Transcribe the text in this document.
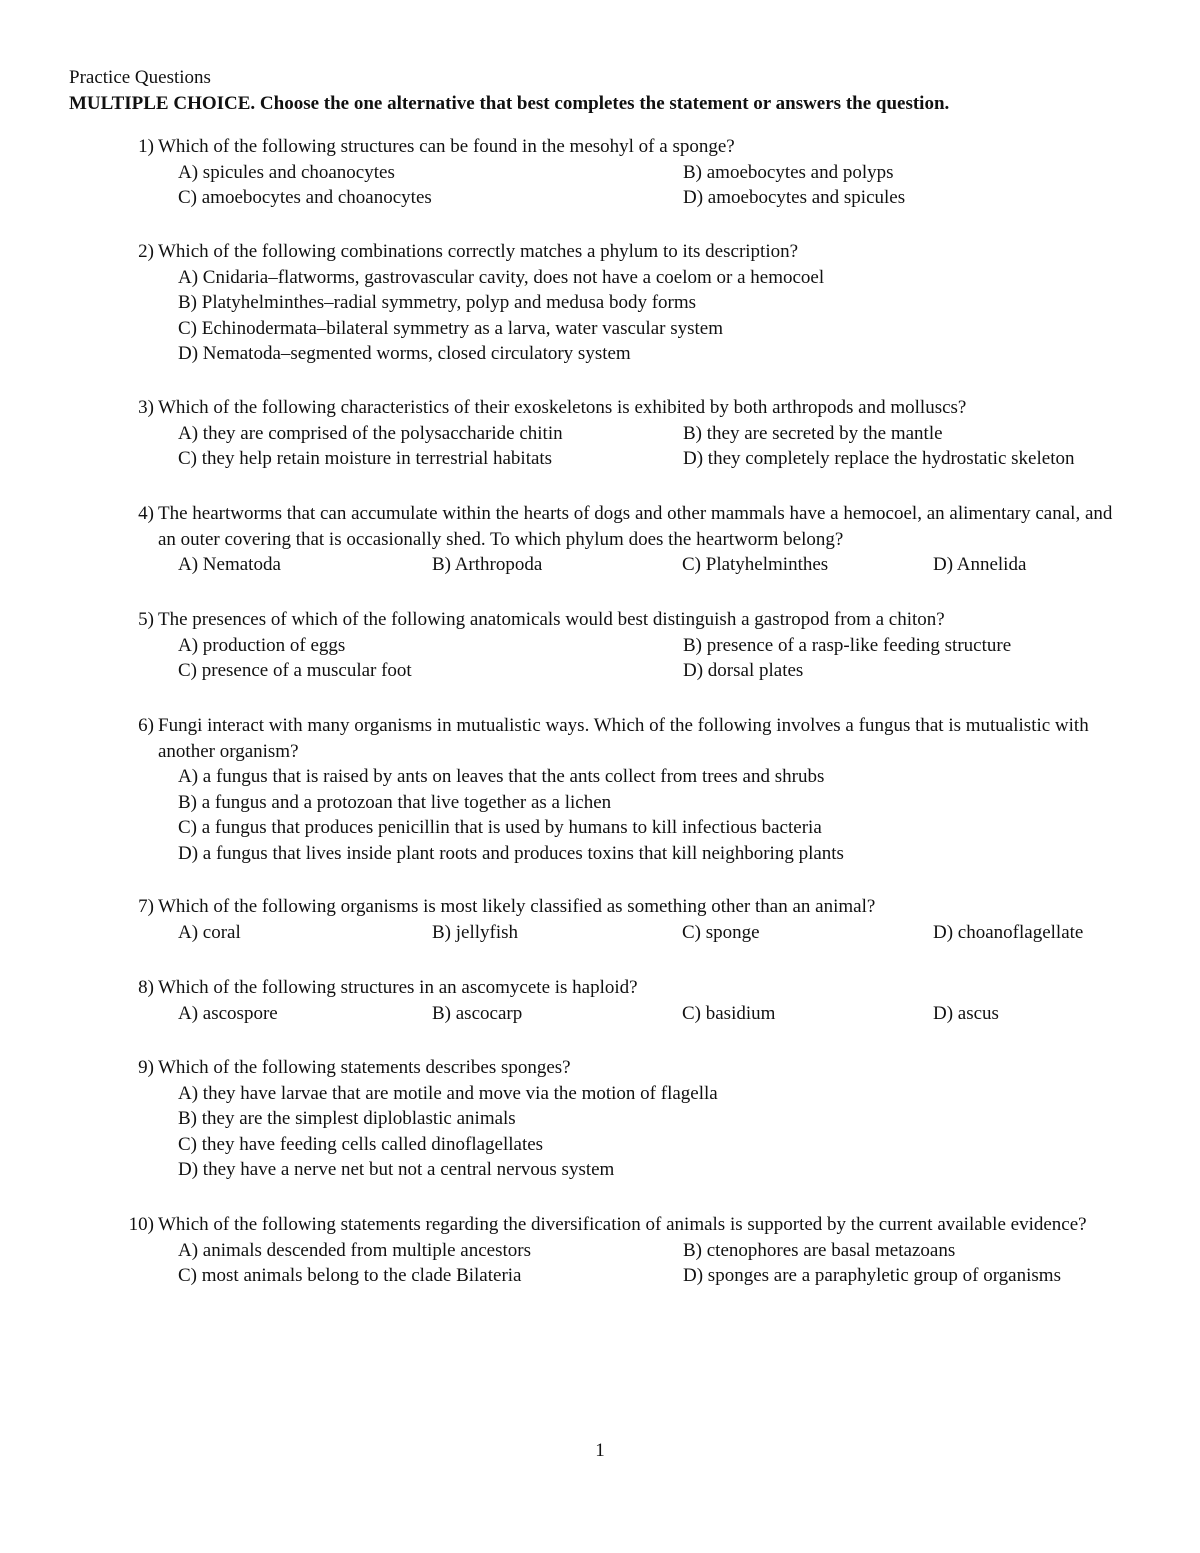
Practice Questions
MULTIPLE CHOICE. Choose the one alternative that best completes the statement or answers the question.
1) Which of the following structures can be found in the mesohyl of a sponge?
A) spicules and choanocytes	B) amoebocytes and polyps
C) amoebocytes and choanocytes	D) amoebocytes and spicules
2) Which of the following combinations correctly matches a phylum to its description?
A) Cnidaria–flatworms, gastrovascular cavity, does not have a coelom or a hemocoel
B) Platyhelminthes–radial symmetry, polyp and medusa body forms
C) Echinodermata–bilateral symmetry as a larva, water vascular system
D) Nematoda–segmented worms, closed circulatory system
3) Which of the following characteristics of their exoskeletons is exhibited by both arthropods and molluscs?
A) they are comprised of the polysaccharide chitin	B) they are secreted by the mantle
C) they help retain moisture in terrestrial habitats	D) they completely replace the hydrostatic skeleton
4) The heartworms that can accumulate within the hearts of dogs and other mammals have a hemocoel, an alimentary canal, and an outer covering that is occasionally shed. To which phylum does the heartworm belong?
A) Nematoda	B) Arthropoda	C) Platyhelminthes	D) Annelida
5) The presences of which of the following anatomicals would best distinguish a gastropod from a chiton?
A) production of eggs	B) presence of a rasp-like feeding structure
C) presence of a muscular foot	D) dorsal plates
6) Fungi interact with many organisms in mutualistic ways. Which of the following involves a fungus that is mutualistic with another organism?
A) a fungus that is raised by ants on leaves that the ants collect from trees and shrubs
B) a fungus and a protozoan that live together as a lichen
C) a fungus that produces penicillin that is used by humans to kill infectious bacteria
D) a fungus that lives inside plant roots and produces toxins that kill neighboring plants
7) Which of the following organisms is most likely classified as something other than an animal?
A) coral	B) jellyfish	C) sponge	D) choanoflagellate
8) Which of the following structures in an ascomycete is haploid?
A) ascospore	B) ascocarp	C) basidium	D) ascus
9) Which of the following statements describes sponges?
A) they have larvae that are motile and move via the motion of flagella
B) they are the simplest diploblastic animals
C) they have feeding cells called dinoflagellates
D) they have a nerve net but not a central nervous system
10) Which of the following statements regarding the diversification of animals is supported by the current available evidence?
A) animals descended from multiple ancestors	B) ctenophores are basal metazoans
C) most animals belong to the clade Bilateria	D) sponges are a paraphyletic group of organisms
1
